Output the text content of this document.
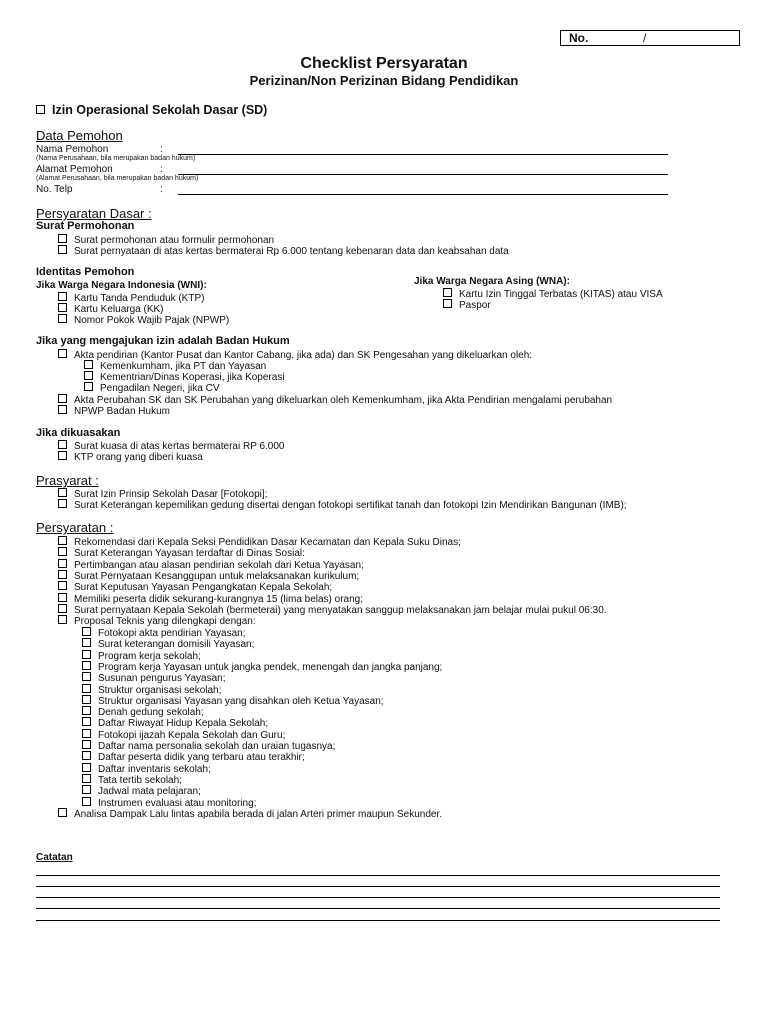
No.	/
Checklist Persyaratan
Perizinan/Non Perizinan Bidang Pendidikan
Izin Operasional Sekolah Dasar (SD)
Data Pemohon
Nama Pemohon	:
(Nama Perusahaan, bila merupakan badan hukum)
Alamat Pemohon	:
(Alamat Perusahaan, bila merupakan badan hukum)
No. Telp	:
Persyaratan Dasar :
Surat Permohonan
Surat permohonan atau formulir permohonan
Surat pernyataan di atas kertas bermaterai Rp 6.000 tentang kebenaran data dan keabsahan data
Identitas Pemohon
Jika Warga Negara Indonesia (WNI):
Kartu Tanda Penduduk (KTP)
Kartu Keluarga (KK)
Nomor Pokok Wajib Pajak (NPWP)
Jika Warga Negara Asing (WNA):
Kartu Izin Tinggal Terbatas (KITAS) atau VISA
Paspor
Jika yang mengajukan izin adalah Badan Hukum
Akta pendirian (Kantor Pusat dan Kantor Cabang, jika ada) dan SK Pengesahan yang dikeluarkan oleh:
Kemenkumham, jika PT dan Yayasan
Kementrian/Dinas Koperasi, jika Koperasi
Pengadilan Negeri, jika CV
Akta Perubahan SK dan SK Perubahan yang dikeluarkan oleh Kemenkumham, jika Akta Pendirian mengalami perubahan
NPWP Badan Hukum
Jika dikuasakan
Surat kuasa di atas kertas bermaterai RP 6.000
KTP orang yang diberi kuasa
Prasyarat :
Surat Izin Prinsip Sekolah Dasar [Fotokopi];
Surat Keterangan kepemilikan gedung disertai dengan fotokopi sertifikat tanah dan fotokopi Izin Mendirikan Bangunan (IMB);
Persyaratan :
Rekomendasi dari Kepala Seksi Pendidikan Dasar Kecamatan dan Kepala Suku Dinas;
Surat Keterangan Yayasan terdaftar di Dinas Sosial:
Pertimbangan atau alasan pendirian sekolah dari Ketua Yayasan;
Surat Pernyataan Kesanggupan untuk melaksanakan kurikulum;
Surat Keputusan Yayasan Pengangkatan Kepala Sekolah;
Memiliki peserta didik sekurang-kurangnya 15 (lima belas) orang;
Surat pernyataan Kepala Sekolah (bermeterai) yang menyatakan sanggup melaksanakan jam belajar mulai pukul 06:30.
Proposal Teknis yang dilengkapi dengan:
Fotokopi akta pendirian Yayasan;
Surat keterangan domisili Yayasan;
Program kerja sekolah;
Program kerja Yayasan untuk jangka pendek, menengah dan jangka panjang;
Susunan pengurus Yayasan;
Struktur organisasi sekolah;
Struktur organisasi Yayasan yang disahkan oleh Ketua Yayasan;
Denah gedung sekolah;
Daftar Riwayat Hidup Kepala Sekolah;
Fotokopi ijazah Kepala Sekolah dan Guru;
Daftar nama personalia sekolah dan uraian tugasnya;
Daftar peserta didik yang terbaru atau terakhir;
Daftar inventaris sekolah;
Tata tertib sekolah;
Jadwal mata pelajaran;
Instrumen evaluasi atau monitoring;
Analisa Dampak Lalu lintas apabila berada di jalan Arteri primer maupun Sekunder.
Catatan
